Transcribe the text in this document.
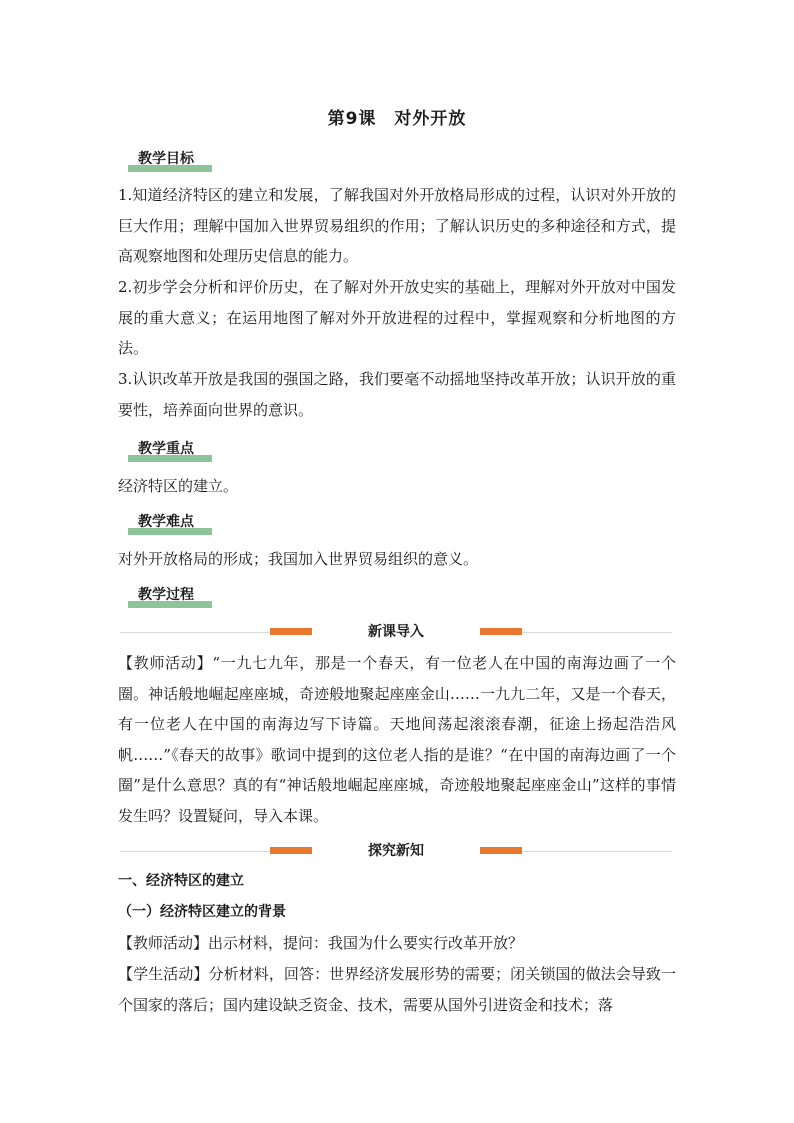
第9课　对外开放
教学目标
1.知道经济特区的建立和发展，了解我国对外开放格局形成的过程，认识对外开放的巨大作用；理解中国加入世界贸易组织的作用；了解认识历史的多种途径和方式，提高观察地图和处理历史信息的能力。
2.初步学会分析和评价历史，在了解对外开放史实的基础上，理解对外开放对中国发展的重大意义；在运用地图了解对外开放进程的过程中，掌握观察和分析地图的方法。
3.认识改革开放是我国的强国之路，我们要毫不动摇地坚持改革开放；认识开放的重要性，培养面向世界的意识。
教学重点
经济特区的建立。
教学难点
对外开放格局的形成；我国加入世界贸易组织的意义。
教学过程
新课导入
【教师活动】“一九七九年，那是一个春天，有一位老人在中国的南海边画了一个圈。神话般地崛起座座城，奇迹般地聚起座座金山……一九九二年，又是一个春天，有一位老人在中国的南海边写下诗篇。天地间荡起滚滚春潮，征途上扬起浩浩风帆……”《春天的故事》歌词中提到的这位老人指的是谁？“在中国的南海边画了一个圈”是什么意思？真的有“神话般地崛起座座城，奇迹般地聚起座座金山”这样的事情发生吗？设置疑问，导入本课。
探究新知
一、经济特区的建立
（一）经济特区建立的背景
【教师活动】出示材料，提问：我国为什么要实行改革开放？
【学生活动】分析材料，回答：世界经济发展形势的需要；闭关锁国的做法会导致一个国家的落后；国内建设缺乏资金、技术，需要从国外引进资金和技术；落
